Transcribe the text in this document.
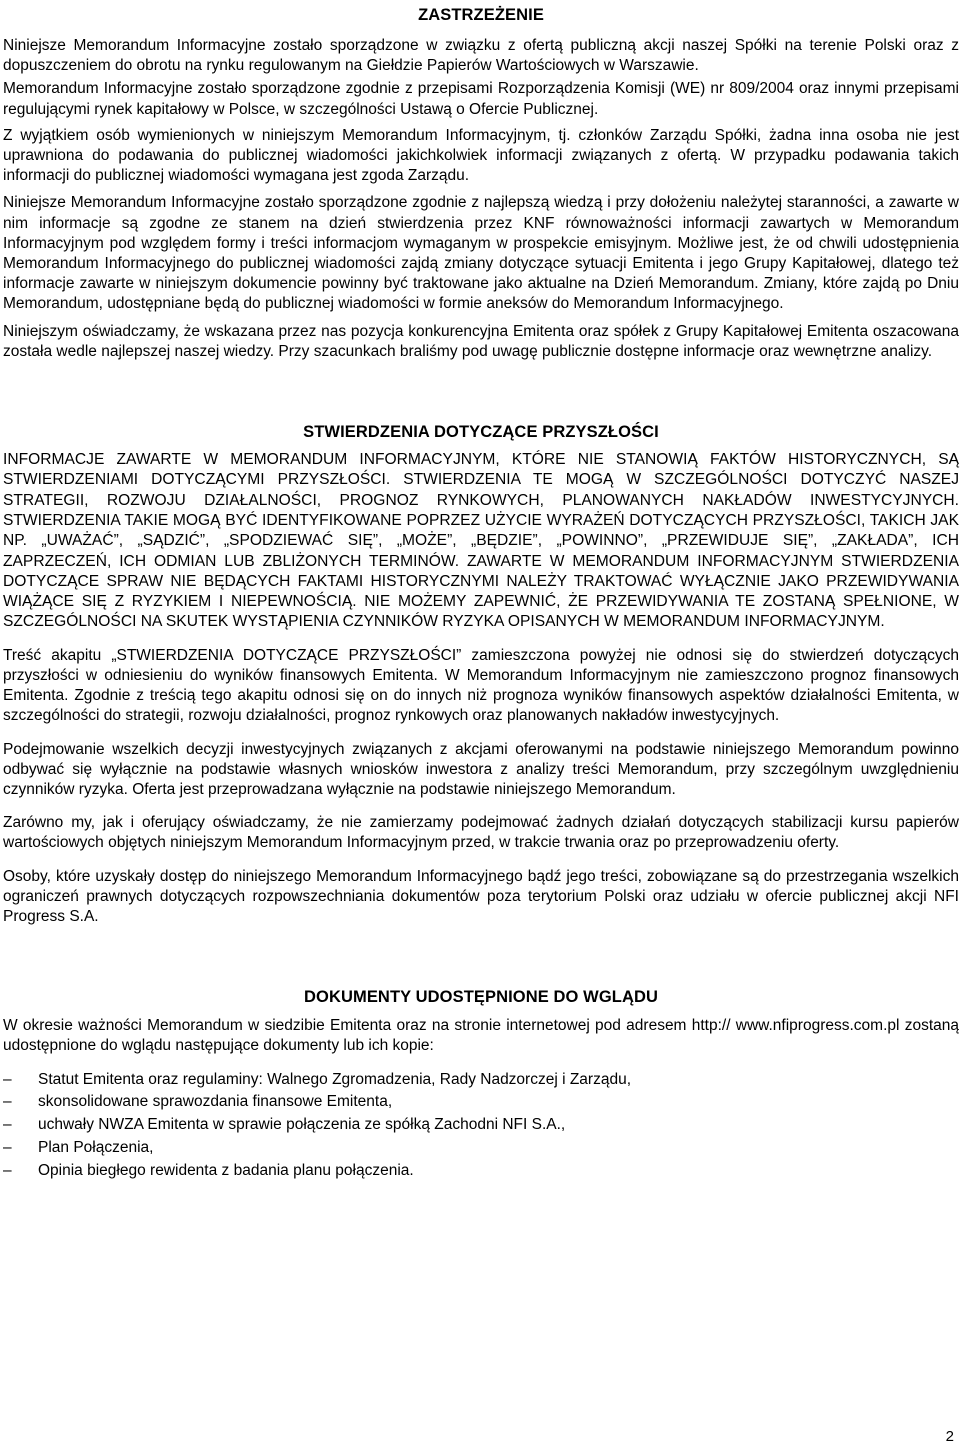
ZASTRZEŻENIE

Niniejsze Memorandum Informacyjne zostało sporządzone w związku z ofertą publiczną akcji naszej Spółki na terenie Polski oraz z dopuszczeniem do obrotu na rynku regulowanym na Giełdzie Papierów Wartościowych w Warszawie.

Memorandum Informacyjne zostało sporządzone zgodnie z przepisami Rozporządzenia Komisji (WE) nr 809/2004 oraz innymi przepisami regulującymi rynek kapitałowy w Polsce, w szczególności Ustawą o Ofercie Publicznej.

Z wyjątkiem osób wymienionych w niniejszym Memorandum Informacyjnym, tj. członków Zarządu Spółki, żadna inna osoba nie jest uprawniona do podawania do publicznej wiadomości jakichkolwiek informacji związanych z ofertą. W przypadku podawania takich informacji do publicznej wiadomości wymagana jest zgoda Zarządu.

Niniejsze Memorandum Informacyjne zostało sporządzone zgodnie z najlepszą wiedzą i przy dołożeniu należytej staranności, a zawarte w nim informacje są zgodne ze stanem na dzień stwierdzenia przez KNF równoważności informacji zawartych w Memorandum Informacyjnym pod względem formy i treści informacjom wymaganym w prospekcie emisyjnym. Możliwe jest, że od chwili udostępnienia Memorandum Informacyjnego do publicznej wiadomości zajdą zmiany dotyczące sytuacji Emitenta i jego Grupy Kapitałowej, dlatego też informacje zawarte w niniejszym dokumencie powinny być traktowane jako aktualne na Dzień Memorandum. Zmiany, które zajdą po Dniu Memorandum, udostępniane będą do publicznej wiadomości w formie aneksów do Memorandum Informacyjnego.

Niniejszym oświadczamy, że wskazana przez nas pozycja konkurencyjna Emitenta oraz spółek z Grupy Kapitałowej Emitenta oszacowana została wedle najlepszej naszej wiedzy. Przy szacunkach braliśmy pod uwagę publicznie dostępne informacje oraz wewnętrzne analizy.

STWIERDZENIA DOTYCZĄCE PRZYSZŁOŚCI

INFORMACJE ZAWARTE W MEMORANDUM INFORMACYJNYM, KTÓRE NIE STANOWIĄ FAKTÓW HISTORYCZNYCH, SĄ STWIERDZENIAMI DOTYCZĄCYMI PRZYSZŁOŚCI. STWIERDZENIA TE MOGĄ W SZCZEGÓLNOŚCI DOTYCZYĆ NASZEJ STRATEGII, ROZWOJU DZIAŁALNOŚCI, PROGNOZ RYNKOWYCH, PLANOWANYCH NAKŁADÓW INWESTYCYJNYCH. STWIERDZENIA TAKIE MOGĄ BYĆ IDENTYFIKOWANE POPRZEZ UŻYCIE WYRAŻEŃ DOTYCZĄCYCH PRZYSZŁOŚCI, TAKICH JAK NP. „UWAŻAĆ”, „SĄDZIĆ”, „SPODZIEWAĆ SIĘ”, „MOŻE”, „BĘDZIE”, „POWINNO”, „PRZEWIDUJE SIĘ”, „ZAKŁADA”, ICH ZAPRZECZEŃ, ICH ODMIAN LUB ZBLIŻONYCH TERMINÓW. ZAWARTE W MEMORANDUM INFORMACYJNYM STWIERDZENIA DOTYCZĄCE SPRAW NIE BĘDĄCYCH FAKTAMI HISTORYCZNYMI NALEŻY TRAKTOWAĆ WYŁĄCZNIE JAKO PRZEWIDYWANIA WIĄŻĄCE SIĘ Z RYZYKIEM I NIEPEWNOŚCIĄ. NIE MOŻEMY ZAPEWNIĆ, ŻE PRZEWIDYWANIA TE ZOSTANĄ SPEŁNIONE, W SZCZEGÓLNOŚCI NA SKUTEK WYSTĄPIENIA CZYNNIKÓW RYZYKA OPISANYCH W MEMORANDUM INFORMACYJNYM.

Treść akapitu „STWIERDZENIA DOTYCZĄCE PRZYSZŁOŚCI” zamieszczona powyżej nie odnosi się do stwierdzeń dotyczących przyszłości w odniesieniu do wyników finansowych Emitenta. W Memorandum Informacyjnym nie zamieszczono prognoz finansowych Emitenta. Zgodnie z treścią tego akapitu odnosi się on do innych niż prognoza wyników finansowych aspektów działalności Emitenta, w szczególności do strategii, rozwoju działalności, prognoz rynkowych oraz planowanych nakładów inwestycyjnych.

Podejmowanie wszelkich decyzji inwestycyjnych związanych z akcjami oferowanymi na podstawie niniejszego Memorandum powinno odbywać się wyłącznie na podstawie własnych wniosków inwestora z analizy treści Memorandum, przy szczególnym uwzględnieniu czynników ryzyka. Oferta jest przeprowadzana wyłącznie na podstawie niniejszego Memorandum.

Zarówno my, jak i oferujący oświadczamy, że nie zamierzamy podejmować żadnych działań dotyczących stabilizacji kursu papierów wartościowych objętych niniejszym Memorandum Informacyjnym przed, w trakcie trwania oraz po przeprowadzeniu oferty.

Osoby, które uzyskały dostęp do niniejszego Memorandum Informacyjnego bądź jego treści, zobowiązane są do przestrzegania wszelkich ograniczeń prawnych dotyczących rozpowszechniania dokumentów poza terytorium Polski oraz udziału w ofercie publicznej akcji NFI Progress S.A.

DOKUMENTY UDOSTĘPNIONE DO WGLĄDU

W okresie ważności Memorandum w siedzibie Emitenta oraz na stronie internetowej pod adresem http:// www.nfiprogress.com.pl zostaną udostępnione do wglądu następujące dokumenty lub ich kopie:

– Statut Emitenta oraz regulaminy: Walnego Zgromadzenia, Rady Nadzorczej i Zarządu,
– skonsolidowane sprawozdania finansowe Emitenta,
– uchwały NWZA Emitenta w sprawie połączenia ze spółką Zachodni NFI S.A.,
– Plan Połączenia,
– Opinia biegłego rewidenta z badania planu połączenia.
2
